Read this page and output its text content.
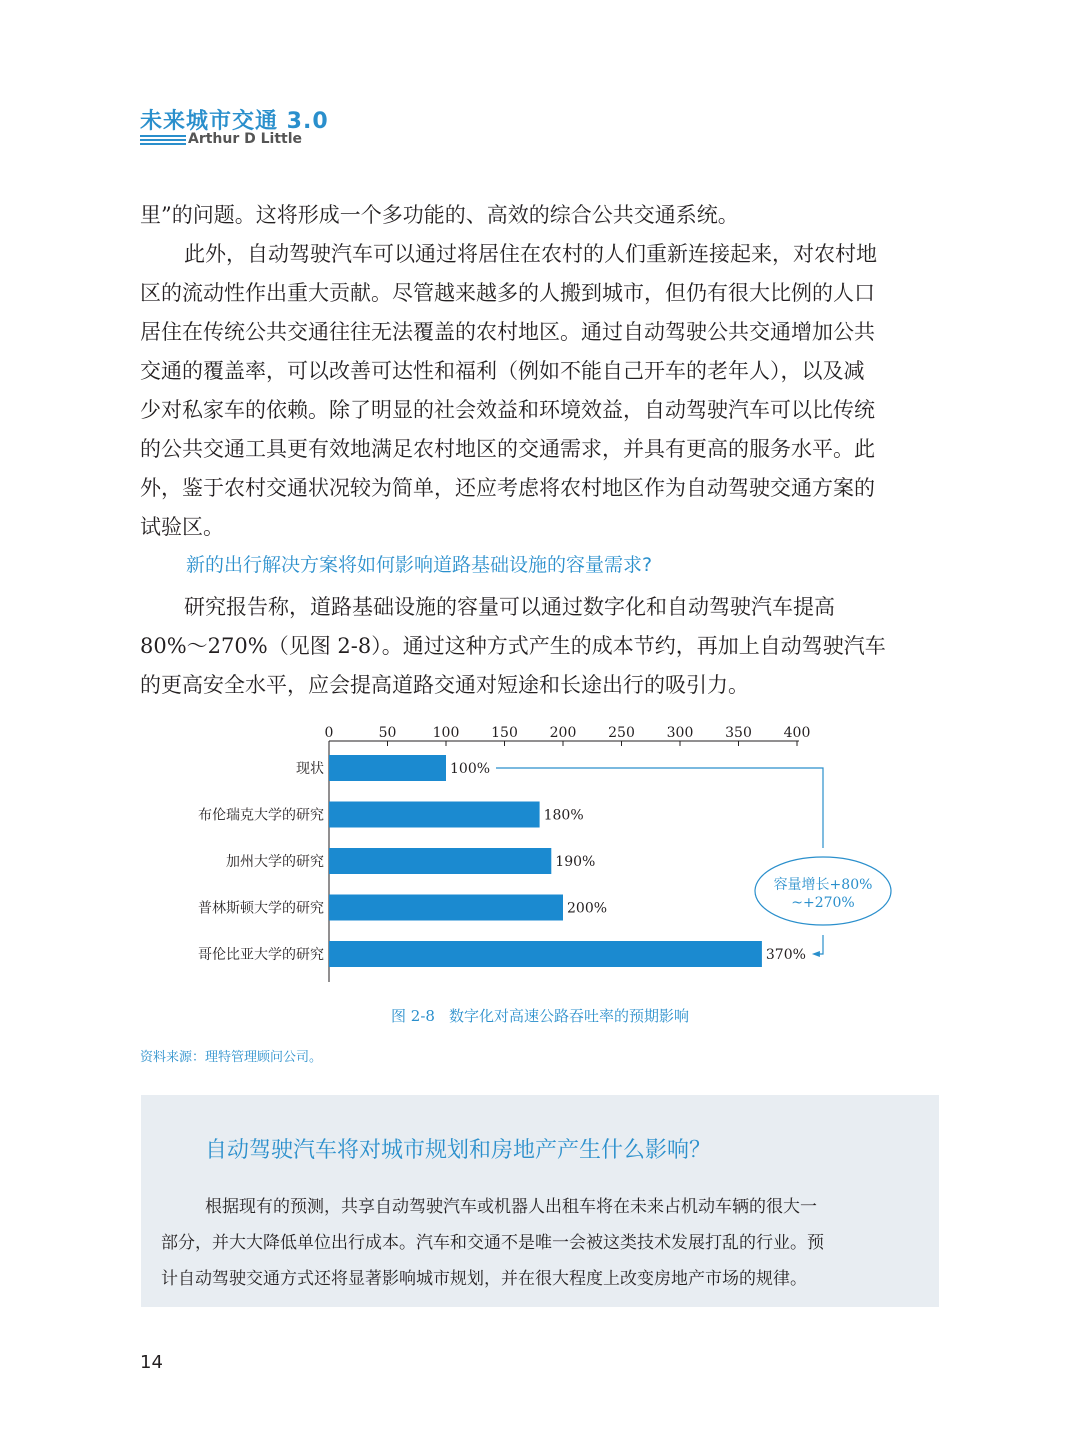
未来城市交通 3.0
Arthur D Little
里”的问题。这将形成一个多功能的、高效的综合公共交通系统。
此外，自动驾驶汽车可以通过将居住在农村的人们重新连接起来，对农村地
区的流动性作出重大贡献。尽管越来越多的人搬到城市，但仍有很大比例的人口
居住在传统公共交通往往无法覆盖的农村地区。通过自动驾驶公共交通增加公共
交通的覆盖率，可以改善可达性和福利（例如不能自己开车的老年人），以及减
少对私家车的依赖。除了明显的社会效益和环境效益，自动驾驶汽车可以比传统
的公共交通工具更有效地满足农村地区的交通需求，并具有更高的服务水平。此
外，鉴于农村交通状况较为简单，还应考虑将农村地区作为自动驾驶交通方案的
试验区。
新的出行解决方案将如何影响道路基础设施的容量需求?
研究报告称，道路基础设施的容量可以通过数字化和自动驾驶汽车提高
80%～270%（见图 2-8）。通过这种方式产生的成本节约，再加上自动驾驶汽车
的更高安全水平，应会提高道路交通对短途和长途出行的吸引力。
0	50	100 150 200 250 300 350 400
现状	100%
布伦瑞克大学的研究	180%
加州大学的研究	190%
普林斯顿大学的研究	200%
哥伦比亚大学的研究	370%
容量增长+80%
~+270%
图 2-8 数字化对高速公路吞吐率的预期影响
资料来源：理特管理顾问公司。
自动驾驶汽车将对城市规划和房地产产生什么影响？
根据现有的预测，共享自动驾驶汽车或机器人出租车将在未来占机动车辆的很大一
部分，并大大降低单位出行成本。汽车和交通不是唯一会被这类技术发展打乱的行业。预
计自动驾驶交通方式还将显著影响城市规划，并在很大程度上改变房地产市场的规律。
14
